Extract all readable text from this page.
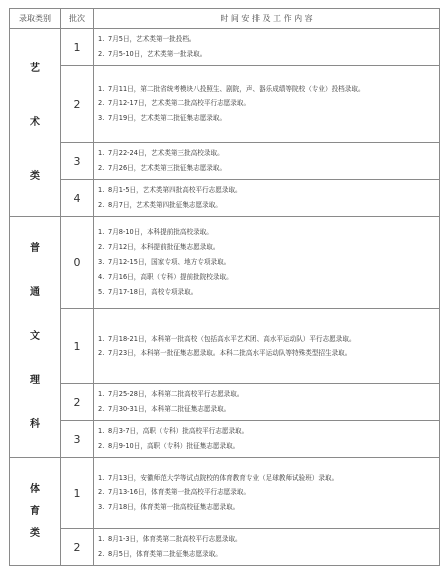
录取类别	批次	时 间 安 排 及 工 作 内 容

艺
术
类	1	1. 7月5日，艺术类第一批投档。
2. 7月5-10日，艺术类第一批录取。

	2	1. 7月11日，第二批省统考模块八投照生、剧院，声、器乐成绩等院校（专业）投档录取。
2. 7月12-17日，艺术类第二批高校平行志愿录取。
3. 7月19日，艺术类第二批征集志愿录取。

	3	1. 7月22-24日，艺术类第三批高校录取。
2. 7月26日，艺术类第三批征集志愿录取。

	4	1. 8月1-5日，艺术类第四批高校平行志愿录取。
2. 8月7日，艺术类第四批征集志愿录取。

普
通
文
理
科	0	1. 7月8-10日，本科提前批高校录取。
2. 7月12日，本科提前批征集志愿录取。
3. 7月12-15日，国家专项、地方专项录取。
4. 7月16日，高职（专科）提前批院校录取。
5. 7月17-18日，高校专项录取。

	1	1. 7月18-21日，本科第一批高校（包括高水平艺术团、高水平运动队）平行志愿录取。
2. 7月23日，本科第一批征集志愿录取。本科二批高水平运动队等特殊类型招生录取。

	2	1. 7月25-28日，本科第二批高校平行志愿录取。
2. 7月30-31日，本科第二批征集志愿录取。

	3	1. 8月3-7日，高职（专科）批高校平行志愿录取。
2. 8月9-10日，高职（专科）批征集志愿录取。

体
育
类	1	1. 7月13日，安徽师范大学等试点院校的体育教育专业（足球教师试验班）录取。
2. 7月13-16日，体育类第一批高校平行志愿录取。
3. 7月18日，体育类第一批高校征集志愿录取。

	2	1. 8月1-3日，体育类第二批高校平行志愿录取。
2. 8月5日，体育类第二批征集志愿录取。
